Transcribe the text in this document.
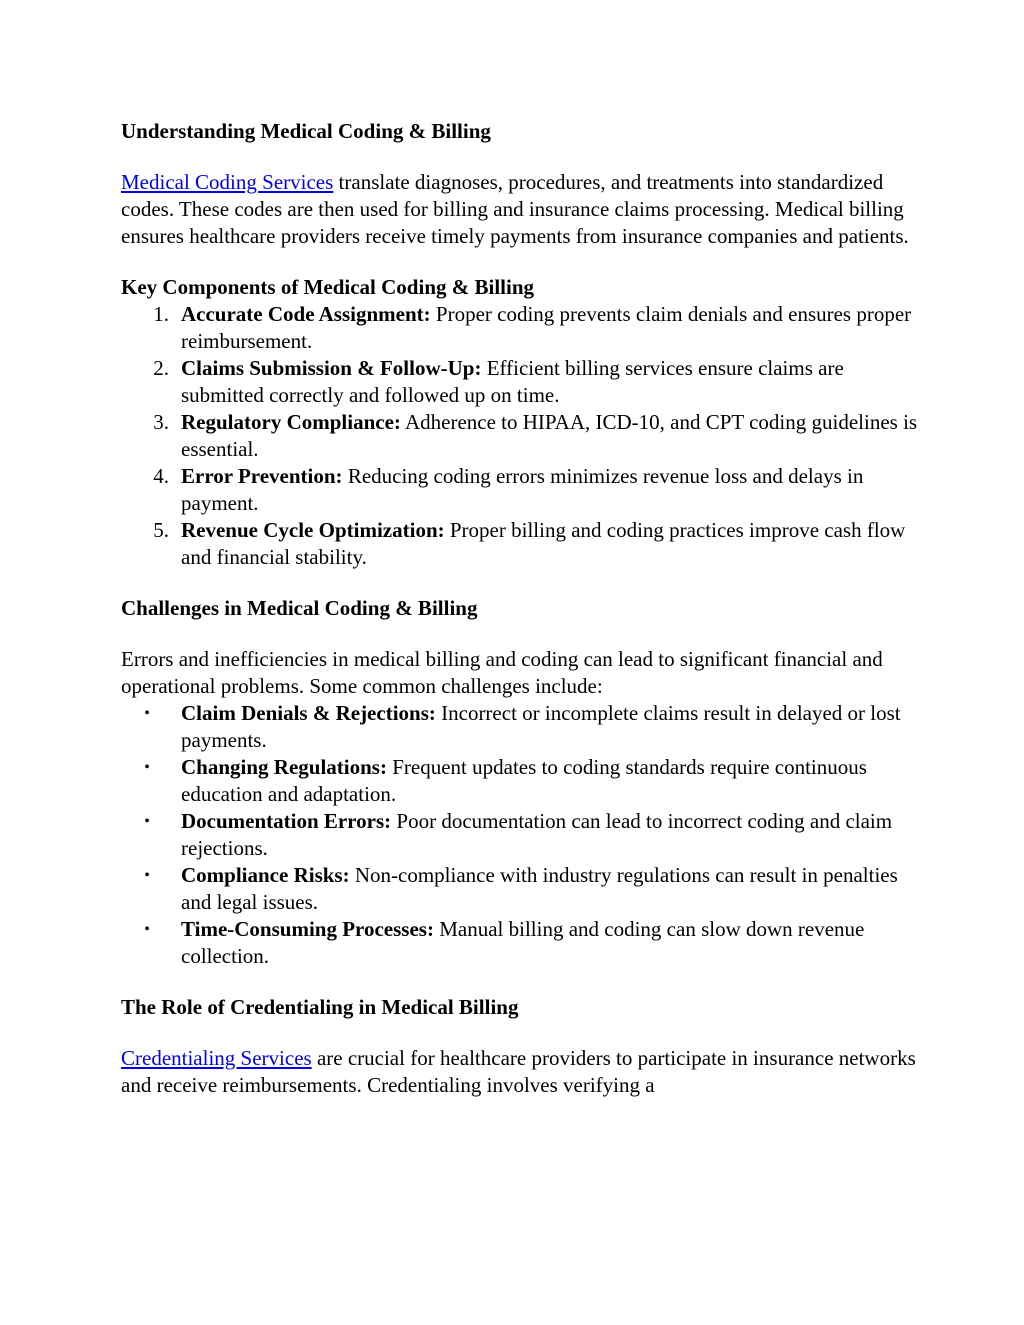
Understanding Medical Coding & Billing

Medical Coding Services translate diagnoses, procedures, and treatments into standardized codes. These codes are then used for billing and insurance claims processing. Medical billing ensures healthcare providers receive timely payments from insurance companies and patients.

Key Components of Medical Coding & Billing
1. Accurate Code Assignment: Proper coding prevents claim denials and ensures proper reimbursement.
2. Claims Submission & Follow-Up: Efficient billing services ensure claims are submitted correctly and followed up on time.
3. Regulatory Compliance: Adherence to HIPAA, ICD-10, and CPT coding guidelines is essential.
4. Error Prevention: Reducing coding errors minimizes revenue loss and delays in payment.
5. Revenue Cycle Optimization: Proper billing and coding practices improve cash flow and financial stability.
Challenges in Medical Coding & Billing

Errors and inefficiencies in medical billing and coding can lead to significant financial and operational problems. Some common challenges include:

• Claim Denials & Rejections: Incorrect or incomplete claims result in delayed or lost payments.
• Changing Regulations: Frequent updates to coding standards require continuous education and adaptation.
• Documentation Errors: Poor documentation can lead to incorrect coding and claim rejections.
• Compliance Risks: Non-compliance with industry regulations can result in penalties and legal issues.
• Time-Consuming Processes: Manual billing and coding can slow down revenue collection.
The Role of Credentialing in Medical Billing

Credentialing Services are crucial for healthcare providers to participate in insurance networks and receive reimbursements. Credentialing involves verifying a
